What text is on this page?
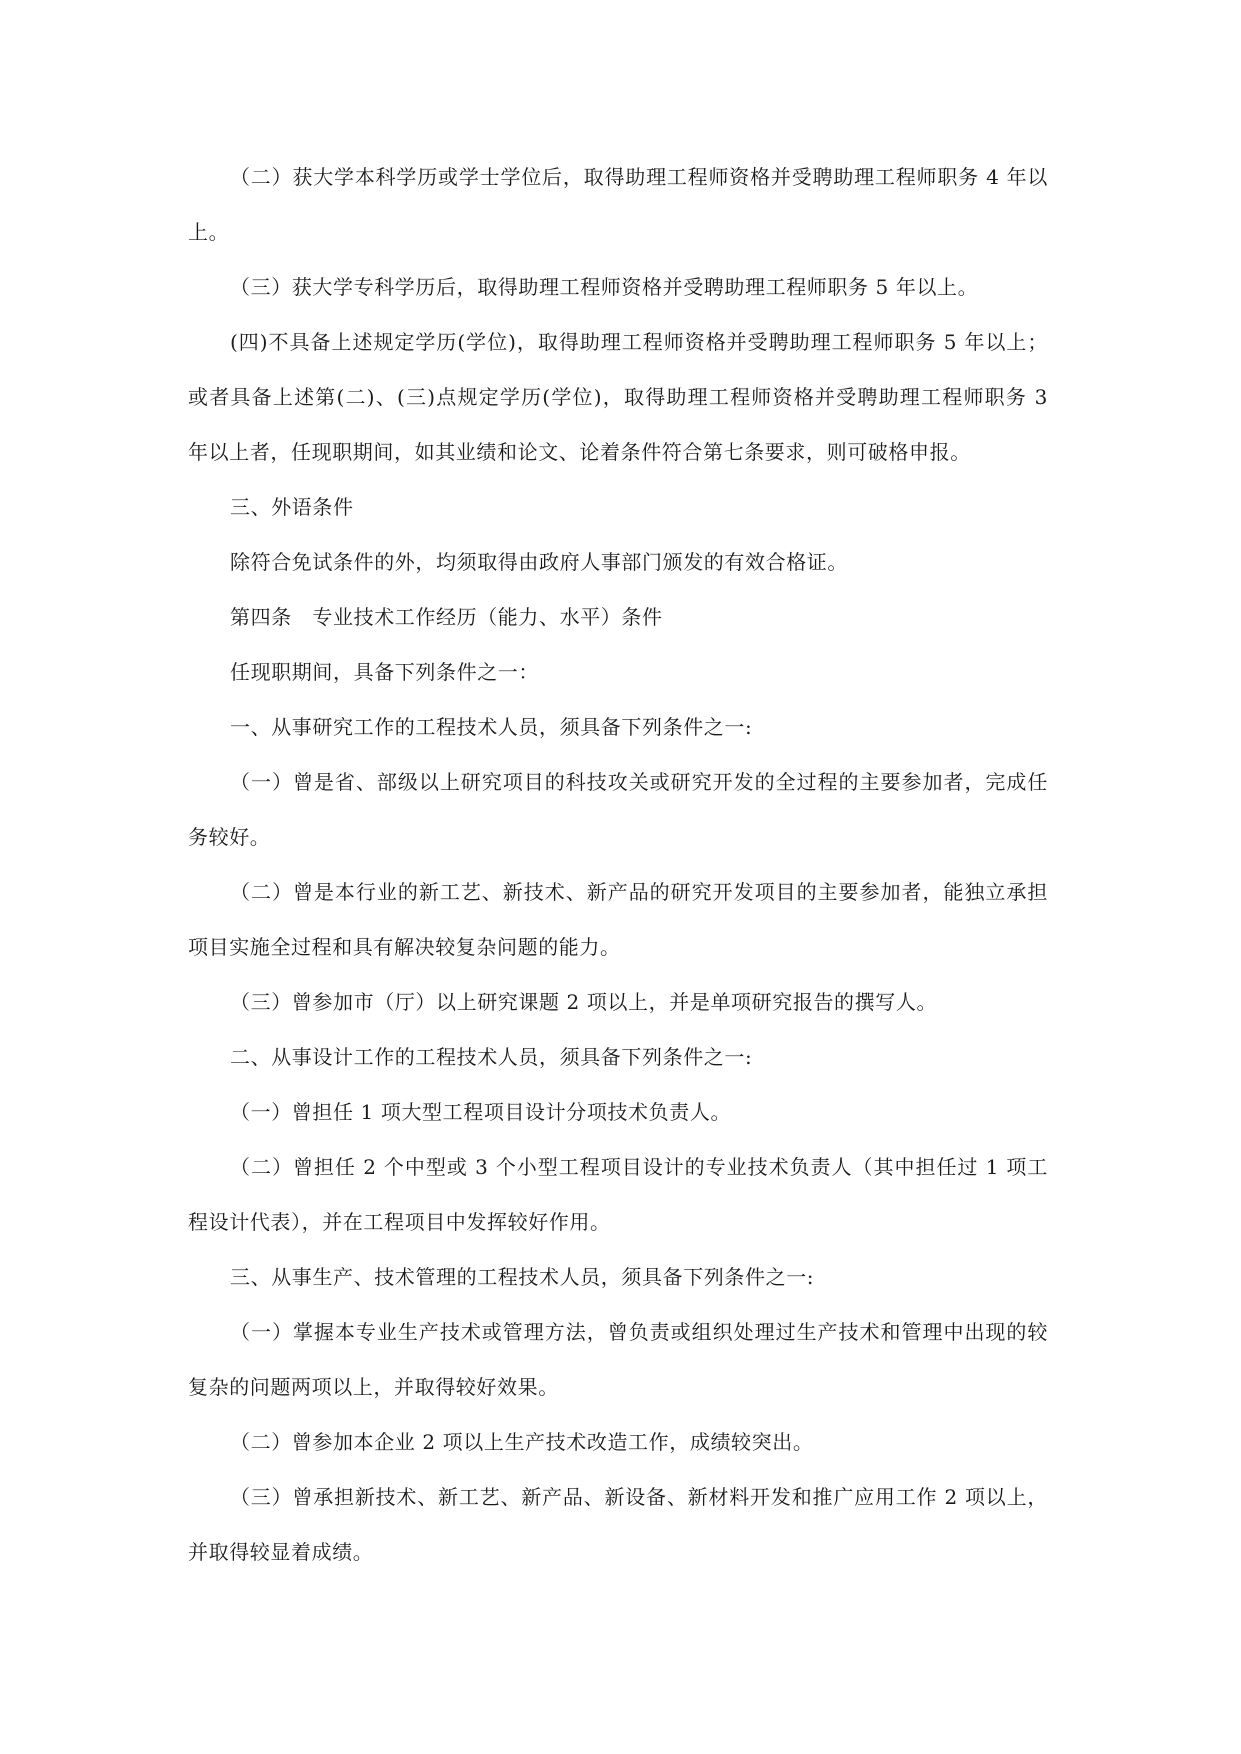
（二）获大学本科学历或学士学位后，取得助理工程师资格并受聘助理工程师职务 4 年以上。

（三）获大学专科学历后，取得助理工程师资格并受聘助理工程师职务 5 年以上。

(四)不具备上述规定学历(学位)，取得助理工程师资格并受聘助理工程师职务 5 年以上；或者具备上述第(二)、(三)点规定学历(学位)，取得助理工程师资格并受聘助理工程师职务 3 年以上者，任现职期间，如其业绩和论文、论着条件符合第七条要求，则可破格申报。

三、外语条件

除符合免试条件的外，均须取得由政府人事部门颁发的有效合格证。

第四条　专业技术工作经历（能力、水平）条件

任现职期间，具备下列条件之一：

一、从事研究工作的工程技术人员，须具备下列条件之一:

（一）曾是省、部级以上研究项目的科技攻关或研究开发的全过程的主要参加者，完成任务较好。

（二）曾是本行业的新工艺、新技术、新产品的研究开发项目的主要参加者，能独立承担项目实施全过程和具有解决较复杂问题的能力。

（三）曾参加市（厅）以上研究课题 2 项以上，并是单项研究报告的撰写人。

二、从事设计工作的工程技术人员，须具备下列条件之一:

（一）曾担任 1 项大型工程项目设计分项技术负责人。

（二）曾担任 2 个中型或 3 个小型工程项目设计的专业技术负责人（其中担任过 1 项工程设计代表），并在工程项目中发挥较好作用。

三、从事生产、技术管理的工程技术人员，须具备下列条件之一:

（一）掌握本专业生产技术或管理方法，曾负责或组织处理过生产技术和管理中出现的较复杂的问题两项以上，并取得较好效果。

（二）曾参加本企业 2 项以上生产技术改造工作，成绩较突出。

（三）曾承担新技术、新工艺、新产品、新设备、新材料开发和推广应用工作 2 项以上，并取得较显着成绩。
